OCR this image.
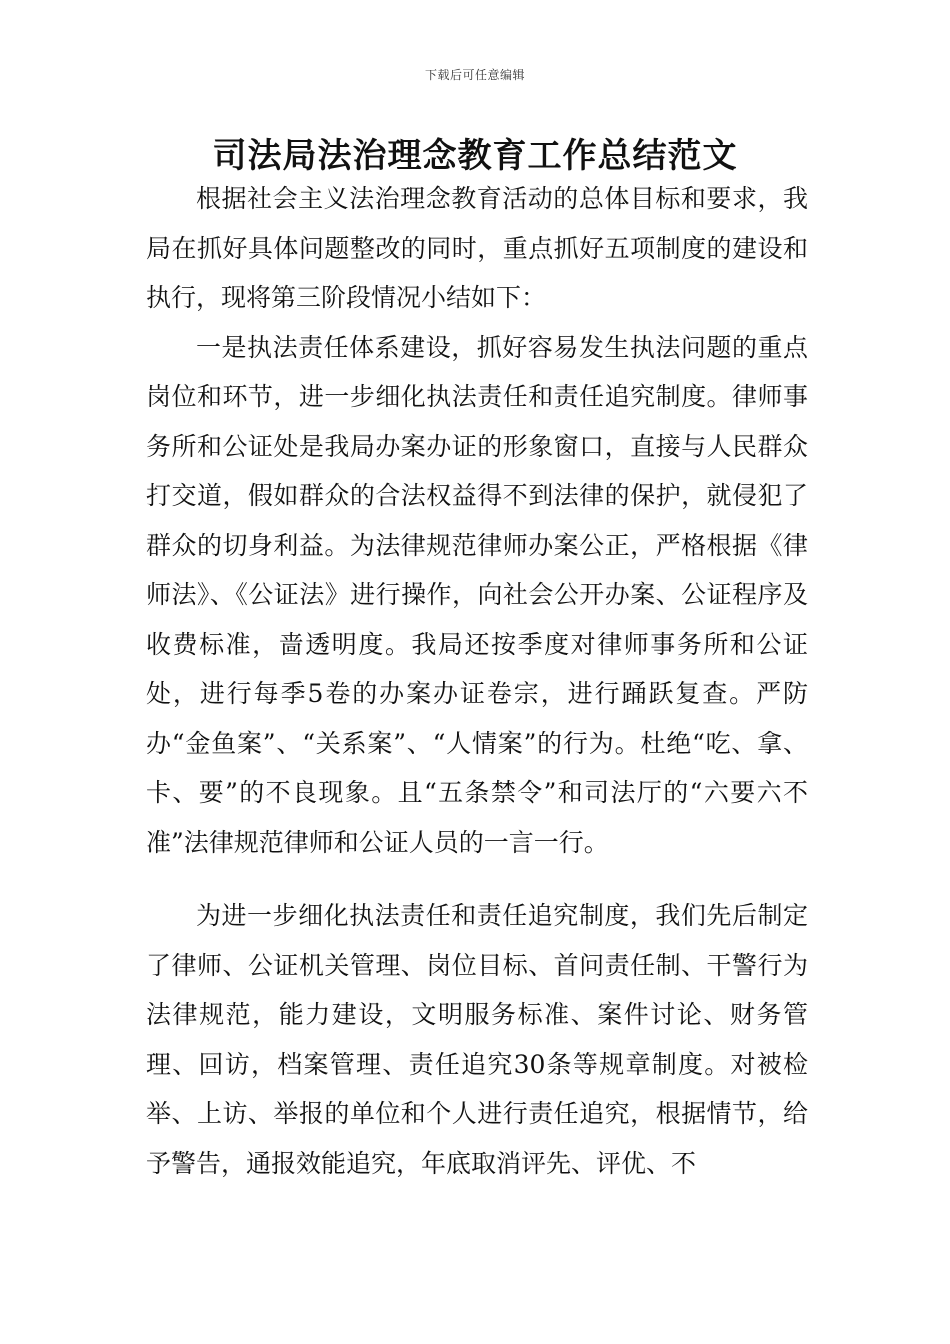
下载后可任意编辑
司法局法治理念教育工作总结范文

根据社会主义法治理念教育活动的总体目标和要求，我局在抓好具体问题整改的同时，重点抓好五项制度的建设和执行，现将第三阶段情况小结如下：

一是执法责任体系建设，抓好容易发生执法问题的重点岗位和环节，进一步细化执法责任和责任追究制度。律师事务所和公证处是我局办案办证的形象窗口，直接与人民群众打交道，假如群众的合法权益得不到法律的保护，就侵犯了群众的切身利益。为法律规范律师办案公正，严格根据《律师法》、《公证法》进行操作，向社会公开办案、公证程序及收费标准，啬透明度。我局还按季度对律师事务所和公证处，进行每季5卷的办案办证卷宗，进行踊跃复查。严防办“金鱼案”、“关系案”、“人情案”的行为。杜绝“吃、拿、卡、要”的不良现象。且“五条禁令”和司法厅的“六要六不准”法律规范律师和公证人员的一言一行。

为进一步细化执法责任和责任追究制度，我们先后制定了律师、公证机关管理、岗位目标、首问责任制、干警行为法律规范，能力建设，文明服务标准、案件讨论、财务管理、回访，档案管理、责任追究30条等规章制度。对被检举、上访、举报的单位和个人进行责任追究，根据情节，给予警告，通报效能追究，年底取消评先、评优、不
